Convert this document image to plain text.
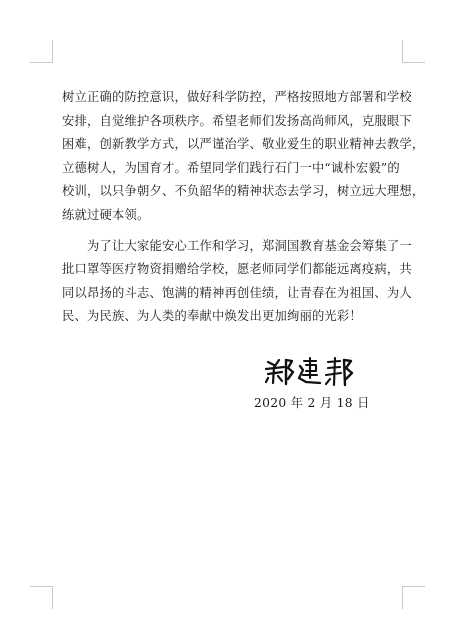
树立正确的防控意识，做好科学防控，严格按照地方部署和学校
安排，自觉维护各项秩序。希望老师们发扬高尚师风，克服眼下
困难，创新教学方式，以严谨治学、敬业爱生的职业精神去教学，
立德树人，为国育才。希望同学们践行石门一中“诚朴宏毅”的
校训，以只争朝夕、不负韶华的精神状态去学习，树立远大理想，
练就过硬本领。

为了让大家能安心工作和学习，郑洞国教育基金会筹集了一
批口罩等医疗物资捐赠给学校，愿老师同学们都能远离疫病，共
同以昂扬的斗志、饱满的精神再创佳绩，让青春在为祖国、为人
民、为民族、为人类的奉献中焕发出更加绚丽的光彩！

2020 年 2 月 18 日
